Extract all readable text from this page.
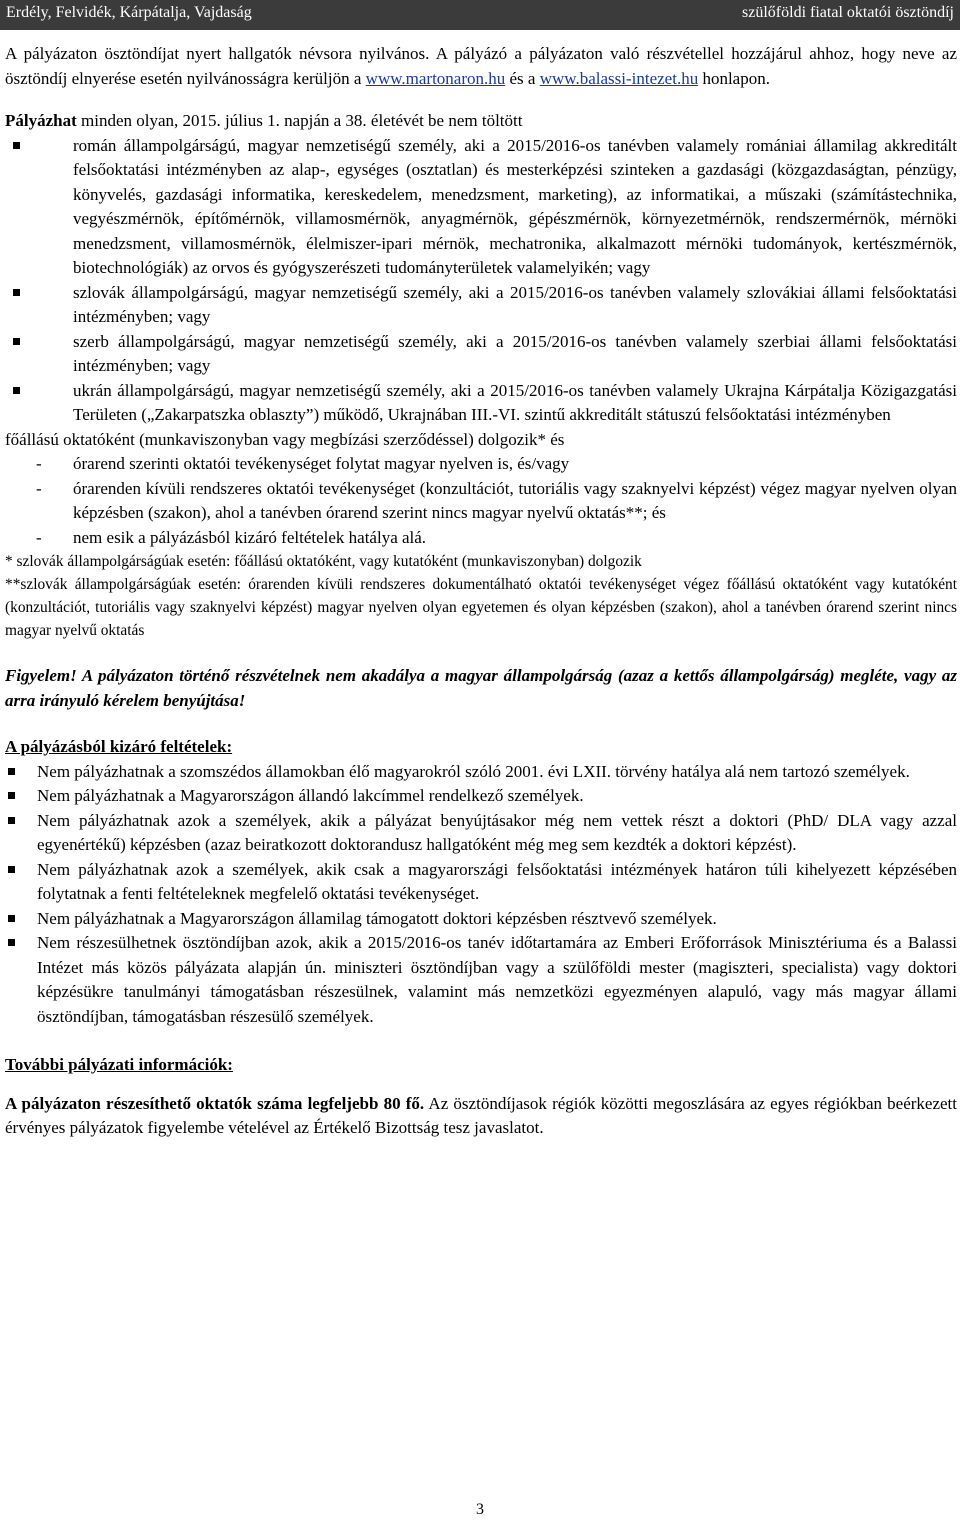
Erdély, Felvidék, Kárpátalja, Vajdaság	szülőföldi fiatal oktatói ösztöndíj

A pályázaton ösztöndíjat nyert hallgatók névsora nyilvános. A pályázó a pályázaton való részvétellel hozzájárul ahhoz, hogy neve az ösztöndíj elnyerése esetén nyilvánosságra kerüljön a www.martonaron.hu és a www.balassi-intezet.hu honlapon.

Pályázhat minden olyan, 2015. július 1. napján a 38. életévét be nem töltött

román állampolgárságú, magyar nemzetiségű személy, aki a 2015/2016-os tanévben valamely romániai államilag akkreditált felsőoktatási intézményben az alap-, egységes (osztatlan) és mesterképzési szinteken a gazdasági (közgazdaságtan, pénzügy, könyvelés, gazdasági informatika, kereskedelem, menedzsment, marketing), az informatikai, a műszaki (számítástechnika, vegyészmérnök, építőmérnök, villamosmérnök, anyagmérnök, gépészmérnök, környezetmérnök, rendszermérnök, mérnöki menedzsment, villamosmérnök, élelmiszer-ipari mérnök, mechatronika, alkalmazott mérnöki tudományok, kertészmérnök, biotechnológiák) az orvos és gyógyszerészeti tudományterületek valamelyikén; vagy
szlovák állampolgárságú, magyar nemzetiségű személy, aki a 2015/2016-os tanévben valamely szlovákiai állami felsőoktatási intézményben; vagy
szerb állampolgárságú, magyar nemzetiségű személy, aki a 2015/2016-os tanévben valamely szerbiai állami felsőoktatási intézményben; vagy
ukrán állampolgárságú, magyar nemzetiségű személy, aki a 2015/2016-os tanévben valamely Ukrajna Kárpátalja Közigazgatási Területen („Zakarpatszka oblaszty”) működő, Ukrajnában III.-VI. szintű akkreditált státuszú felsőoktatási intézményben

főállású oktatóként (munkaviszonyban vagy megbízási szerződéssel) dolgozik* és

- órarend szerinti oktatói tevékenységet folytat magyar nyelven is, és/vagy
- órarenden kívüli rendszeres oktatói tevékenységet (konzultációt, tutoriális vagy szaknyelvi képzést) végez magyar nyelven olyan képzésben (szakon), ahol a tanévben órarend szerint nincs magyar nyelvű oktatás**; és
- nem esik a pályázásból kizáró feltételek hatálya alá.

* szlovák állampolgárságúak esetén: főállású oktatóként, vagy kutatóként (munkaviszonyban) dolgozik

**szlovák állampolgárságúak esetén: órarenden kívüli rendszeres dokumentálható oktatói tevékenységet végez főállású oktatóként vagy kutatóként (konzultációt, tutoriális vagy szaknyelvi képzést) magyar nyelven olyan egyetemen és olyan képzésben (szakon), ahol a tanévben órarend szerint nincs magyar nyelvű oktatás

Figyelem! A pályázaton történő részvételnek nem akadálya a magyar állampolgárság (azaz a kettős állampolgárság) megléte, vagy az arra irányuló kérelem benyújtása!

A pályázásból kizáró feltételek:

Nem pályázhatnak a szomszédos államokban élő magyarokról szóló 2001. évi LXII. törvény hatálya alá nem tartozó személyek.
Nem pályázhatnak a Magyarországon állandó lakcímmel rendelkező személyek.
Nem pályázhatnak azok a személyek, akik a pályázat benyújtásakor még nem vettek részt a doktori (PhD/ DLA vagy azzal egyenértékű) képzésben (azaz beiratkozott doktorandusz hallgatóként még meg sem kezdték a doktori képzést).
Nem pályázhatnak azok a személyek, akik csak a magyarországi felsőoktatási intézmények határon túli kihelyezett képzésében folytatnak a fenti feltételeknek megfelelő oktatási tevékenységet.
Nem pályázhatnak a Magyarországon államilag támogatott doktori képzésben résztvevő személyek.
Nem részesülhetnek ösztöndíjban azok, akik a 2015/2016-os tanév időtartamára az Emberi Erőforrások Minisztériuma és a Balassi Intézet más közös pályázata alapján ún. miniszteri ösztöndíjban vagy a szülőföldi mester (magiszteri, specialista) vagy doktori képzésükre tanulmányi támogatásban részesülnek, valamint más nemzetközi egyezményen alapuló, vagy más magyar állami ösztöndíjban, támogatásban részesülő személyek.

További pályázati információk:

A pályázaton részesíthető oktatók száma legfeljebb 80 fő. Az ösztöndíjasok régiók közötti megoszlására az egyes régiókban beérkezett érvényes pályázatok figyelembe vételével az Értékelő Bizottság tesz javaslatot.

3
